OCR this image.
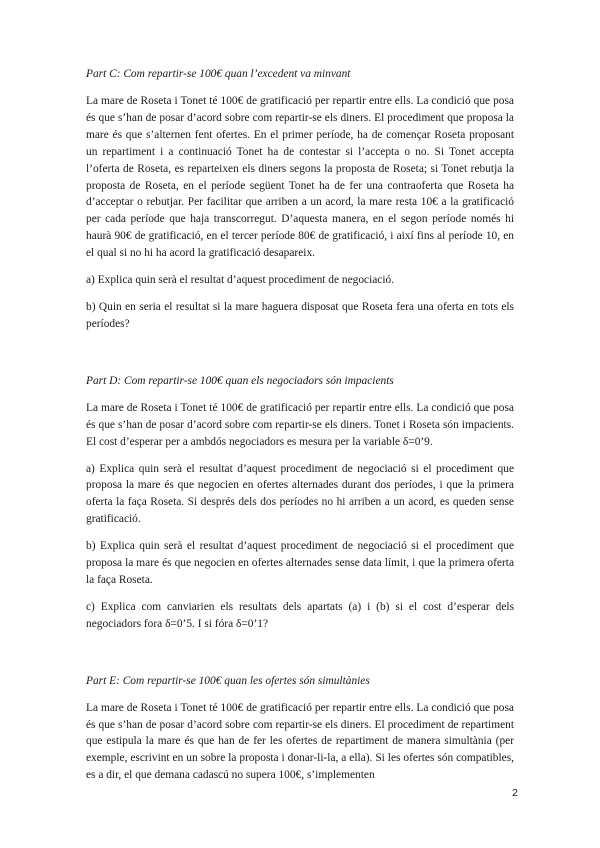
Part C: Com repartir-se 100€ quan l’excedent va minvant

La mare de Roseta i Tonet té 100€ de gratificació per repartir entre ells. La condició que posa és que s’han de posar d’acord sobre com repartir-se els diners. El procediment que proposa la mare és que s’alternen fent ofertes. En el primer període, ha de començar Roseta proposant un repartiment i a continuació Tonet ha de contestar si l’accepta o no. Si Tonet accepta l’oferta de Roseta, es reparteixen els diners segons la proposta de Roseta; si Tonet rebutja la proposta de Roseta, en el període següent Tonet ha de fer una contraoferta que Roseta ha d’acceptar o rebutjar. Per facilitar que arriben a un acord, la mare resta 10€ a la gratificació per cada període que haja transcorregut. D’aquesta manera, en el segon període només hi haurà 90€ de gratificació, en el tercer període 80€ de gratificació, i així fins al període 10, en el qual si no hi ha acord la gratificació desapareix.

a) Explica quin serà el resultat d’aquest procediment de negociació.

b) Quin en seria el resultat si la mare haguera disposat que Roseta fera una oferta en tots els períodes?

Part D: Com repartir-se 100€ quan els negociadors són impacients

La mare de Roseta i Tonet té 100€ de gratificació per repartir entre ells. La condició que posa és que s’han de posar d’acord sobre com repartir-se els diners. Tonet i Roseta són impacients. El cost d’esperar per a ambdós negociadors es mesura per la variable δ=0’9.

a) Explica quin serà el resultat d’aquest procediment de negociació si el procediment que proposa la mare és que negocien en ofertes alternades durant dos períodes, i que la primera oferta la faça Roseta. Si després dels dos períodes no hi arriben a un acord, es queden sense gratificació.

b) Explica quin serà el resultat d’aquest procediment de negociació si el procediment que proposa la mare és que negocien en ofertes alternades sense data límit, i que la primera oferta la faça Roseta.

c) Explica com canviarien els resultats dels apartats (a) i (b) si el cost d’esperar dels negociadors fora δ=0’5. I si fóra δ=0’1?

Part E: Com repartir-se 100€ quan les ofertes són simultànies

La mare de Roseta i Tonet té 100€ de gratificació per repartir entre ells. La condició que posa és que s’han de posar d’acord sobre com repartir-se els diners. El procediment de repartiment que estipula la mare és que han de fer les ofertes de repartiment de manera simultània (per exemple, escrivint en un sobre la proposta i donar-li-la, a ella). Si les ofertes són compatibles, es a dir, el que demana cadascú no supera 100€, s’implementen

2
